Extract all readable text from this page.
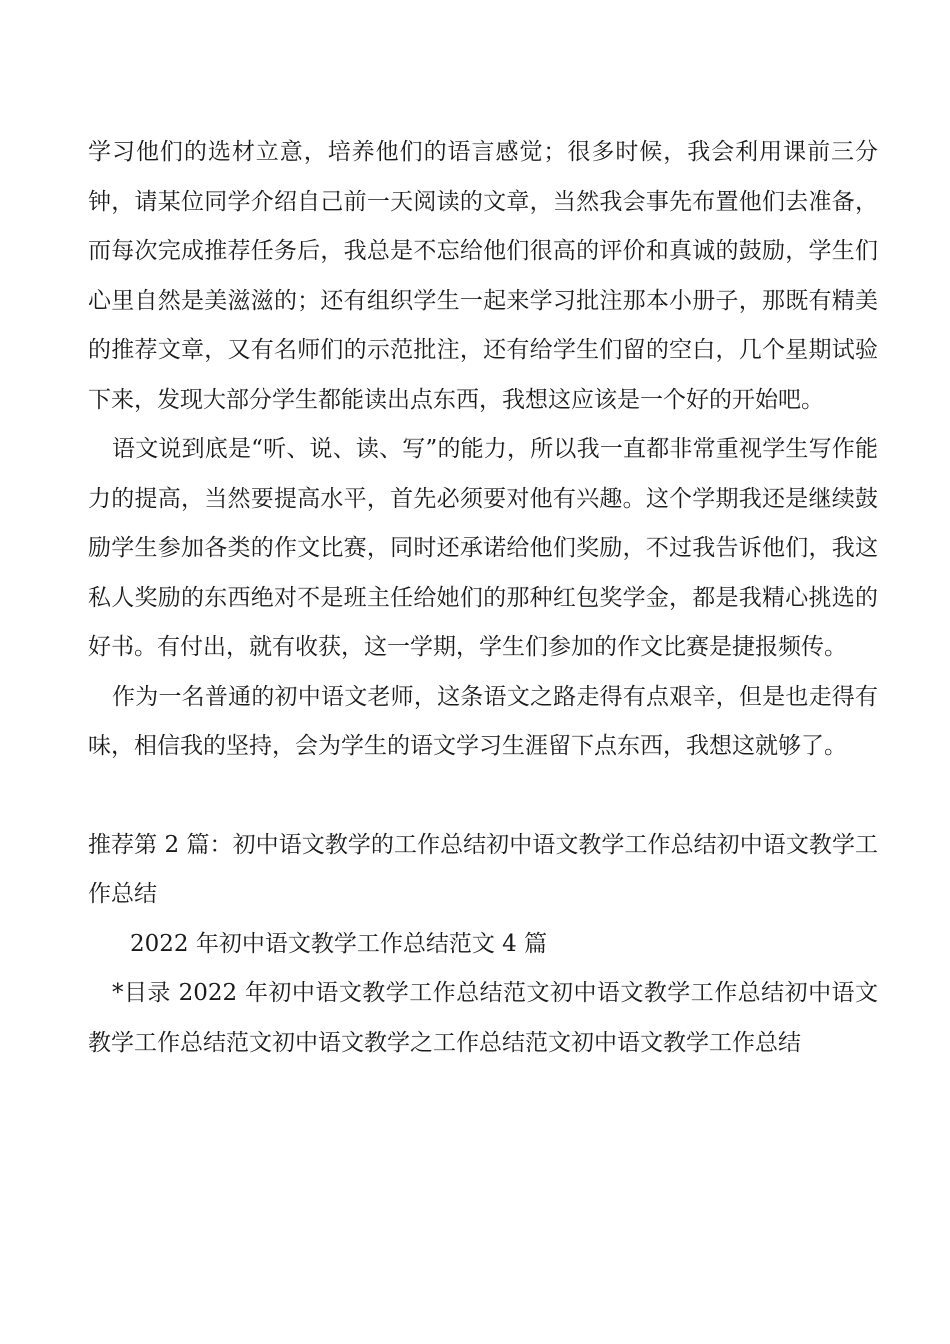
学习他们的选材立意，培养他们的语言感觉；很多时候，我会利用课前三分钟，请某位同学介绍自己前一天阅读的文章，当然我会事先布置他们去准备，而每次完成推荐任务后，我总是不忘给他们很高的评价和真诚的鼓励，学生们心里自然是美滋滋的；还有组织学生一起来学习批注那本小册子，那既有精美的推荐文章，又有名师们的示范批注，还有给学生们留的空白，几个星期试验下来，发现大部分学生都能读出点东西，我想这应该是一个好的开始吧。

语文说到底是“听、说、读、写”的能力，所以我一直都非常重视学生写作能力的提高，当然要提高水平，首先必须要对他有兴趣。这个学期我还是继续鼓励学生参加各类的作文比赛，同时还承诺给他们奖励，不过我告诉他们，我这私人奖励的东西绝对不是班主任给她们的那种红包奖学金，都是我精心挑选的好书。有付出，就有收获，这一学期，学生们参加的作文比赛是捷报频传。

作为一名普通的初中语文老师，这条语文之路走得有点艰辛，但是也走得有味，相信我的坚持，会为学生的语文学习生涯留下点东西，我想这就够了。

推荐第 2 篇：初中语文教学的工作总结初中语文教学工作总结初中语文教学工作总结

2022 年初中语文教学工作总结范文 4 篇

*目录 2022 年初中语文教学工作总结范文初中语文教学工作总结初中语文教学工作总结范文初中语文教学之工作总结范文初中语文教学工作总结
